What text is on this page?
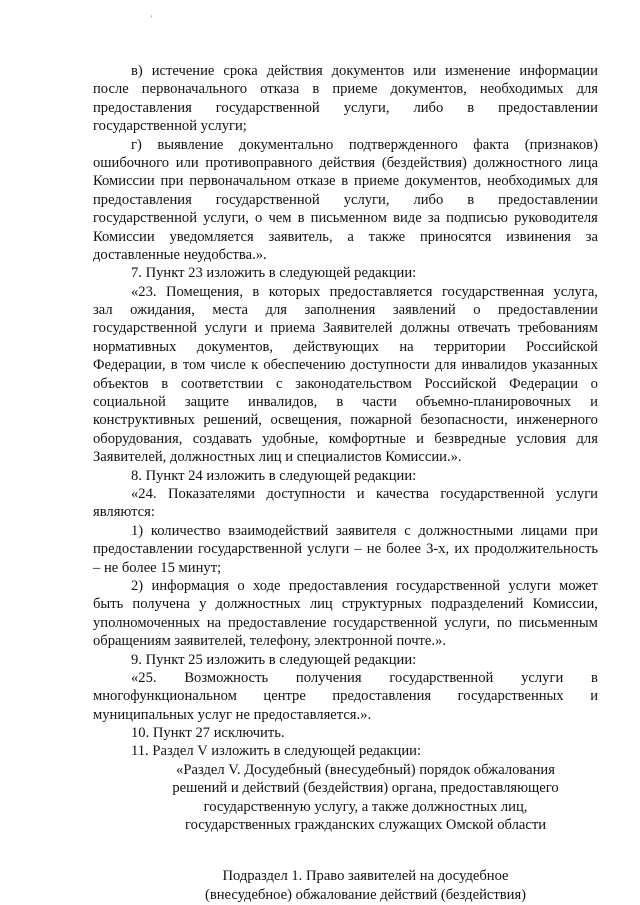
'
в) истечение срока действия документов или изменение информации
после первоначального отказа в приеме документов, необходимых для
предоставления государственной услуги, либо в предоставлении
государственной услуги;
г) выявление документально подтвержденного факта (признаков)
ошибочного или противоправного действия (бездействия) должностного лица
Комиссии при первоначальном отказе в приеме документов, необходимых для
предоставления государственной услуги, либо в предоставлении
государственной услуги, о чем в письменном виде за подписью руководителя
Комиссии уведомляется заявитель, а также приносятся извинения за
доставленные неудобства.».
7. Пункт 23 изложить в следующей редакции:
«23. Помещения, в которых предоставляется государственная услуга,
зал ожидания, места для заполнения заявлений о предоставлении
государственной услуги и приема Заявителей должны отвечать требованиям
нормативных документов, действующих на территории Российской
Федерации, в том числе к обеспечению доступности для инвалидов указанных
объектов в соответствии с законодательством Российской Федерации о
социальной защите инвалидов, в части объемно-планировочных и
конструктивных решений, освещения, пожарной безопасности, инженерного
оборудования, создавать удобные, комфортные и безвредные условия для
Заявителей, должностных лиц и специалистов Комиссии.».
8. Пункт 24 изложить в следующей редакции:
«24. Показателями доступности и качества государственной услуги
являются:
1) количество взаимодействий заявителя с должностными лицами при
предоставлении государственной услуги – не более 3-х, их продолжительность
– не более 15 минут;
2) информация о ходе предоставления государственной услуги может
быть получена у должностных лиц структурных подразделений Комиссии,
уполномоченных на предоставление государственной услуги, по письменным
обращениям заявителей, телефону, электронной почте.».
9. Пункт 25 изложить в следующей редакции:
«25. Возможность получения государственной услуги в
многофункциональном центре предоставления государственных и
муниципальных услуг не предоставляется.».
10. Пункт 27 исключить.
11. Раздел V изложить в следующей редакции:
«Раздел V. Досудебный (внесудебный) порядок обжалования
решений и действий (бездействия) органа, предоставляющего
государственную услугу, а также должностных лиц,
государственных гражданских служащих Омской области
Подраздел 1. Право заявителей на досудебное
(внесудебное) обжалование действий (бездействия)
